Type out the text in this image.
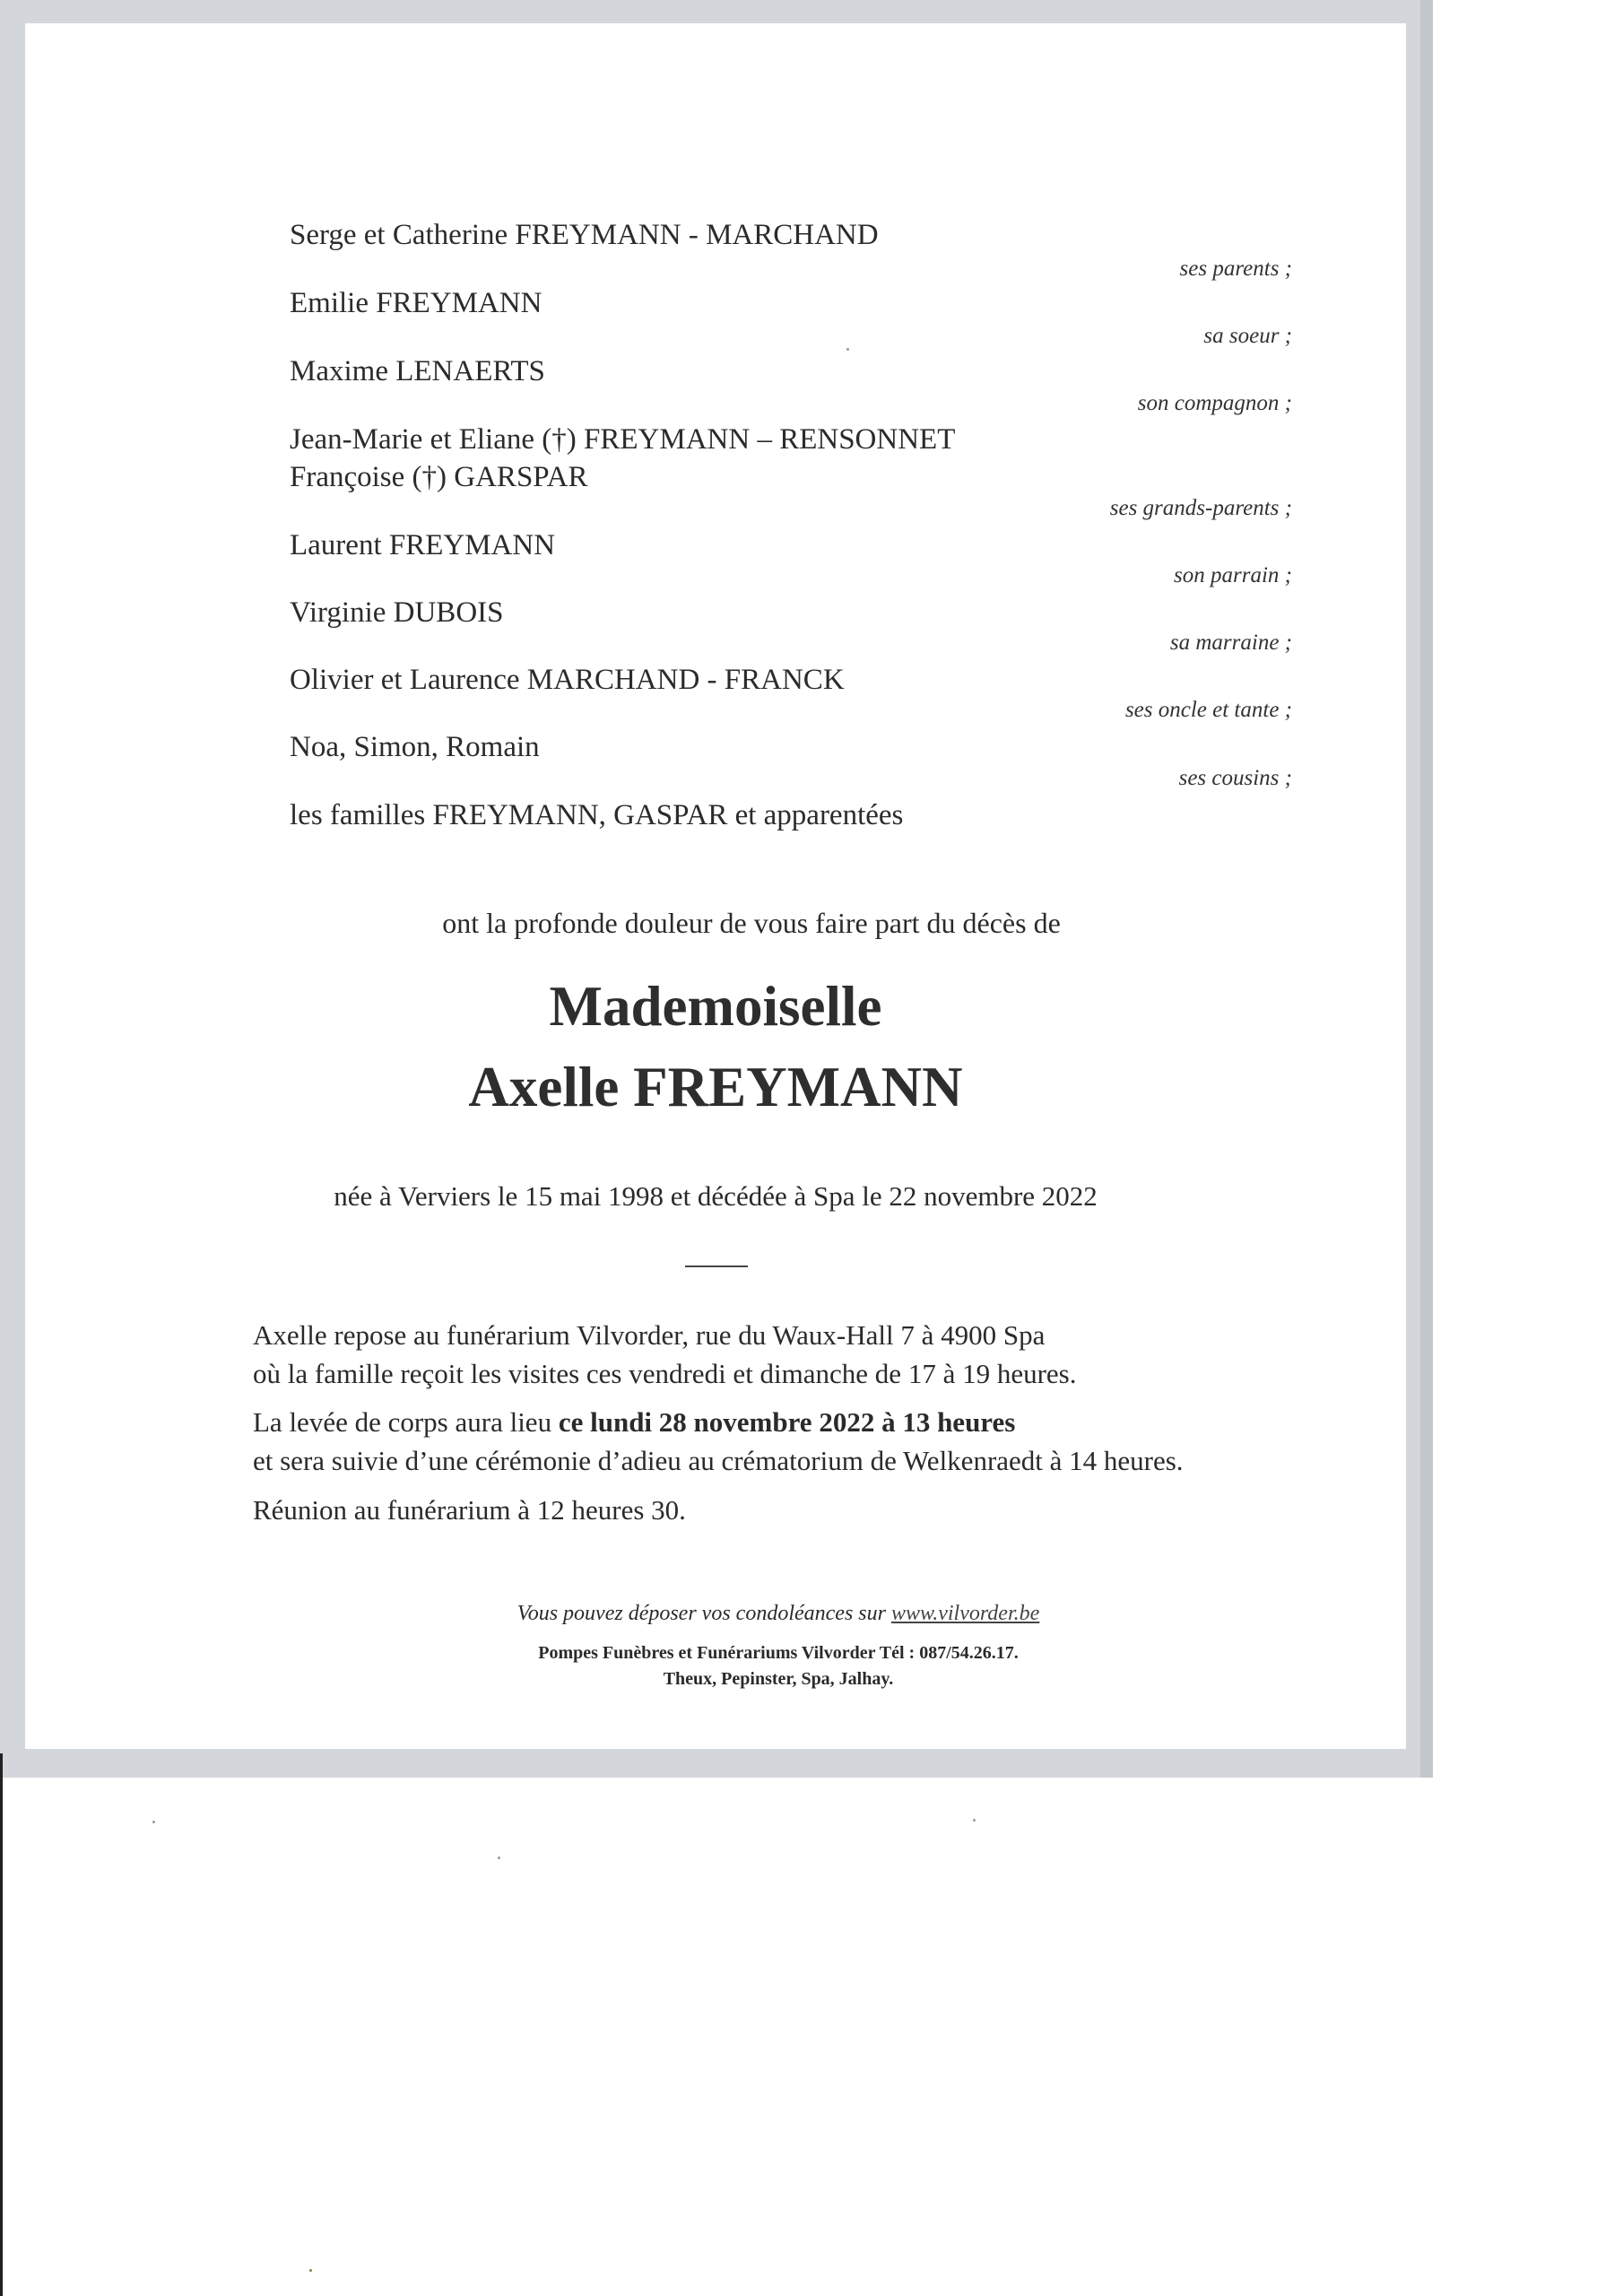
Serge et Catherine FREYMANN - MARCHAND
Emilie FREYMANN
Maxime LENAERTS
Jean-Marie et Eliane (†) FREYMANN – RENSONNET
Françoise (†) GARSPAR
Laurent FREYMANN
Virginie DUBOIS
Olivier et Laurence MARCHAND - FRANCK
Noa, Simon, Romain
les familles FREYMANN, GASPAR et apparentées
ses parents ;
sa soeur ;
son compagnon ;
ses grands-parents ;
son parrain ;
sa marraine ;
ses oncle et tante ;
ses cousins ;
ont la profonde douleur de vous faire part du décès de
Mademoiselle
Axelle FREYMANN
née à Verviers le 15 mai 1998 et décédée à Spa le 22 novembre 2022
Axelle repose au funérarium Vilvorder, rue du Waux-Hall 7 à 4900 Spa
où la famille reçoit les visites ces vendredi et dimanche de 17 à 19 heures.
La levée de corps aura lieu ce lundi 28 novembre 2022 à 13 heures
et sera suivie d’une cérémonie d’adieu au crématorium de Welkenraedt à 14 heures.
Réunion au funérarium à 12 heures 30.
Vous pouvez déposer vos condoléances sur www.vilvorder.be
Pompes Funèbres et Funérariums Vilvorder Tél : 087/54.26.17.
Theux, Pepinster, Spa, Jalhay.
